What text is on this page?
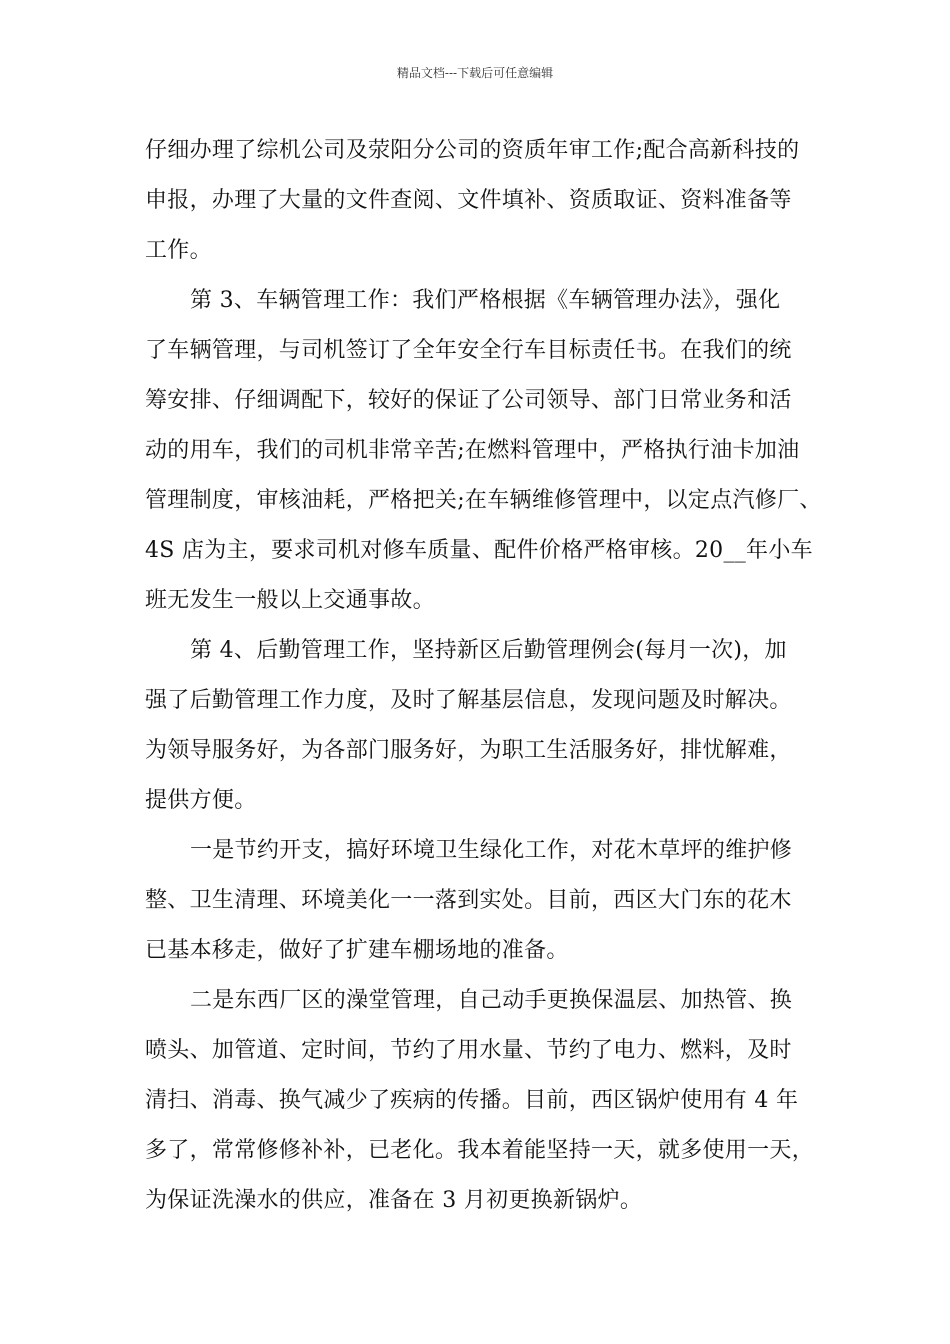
精品文档---下载后可任意编辑
仔细办理了综机公司及荥阳分公司的资质年审工作;配合高新科技的
申报，办理了大量的文件查阅、文件填补、资质取证、资料准备等
工作。
第 3、车辆管理工作：我们严格根据《车辆管理办法》，强化
了车辆管理，与司机签订了全年安全行车目标责任书。在我们的统
筹安排、仔细调配下，较好的保证了公司领导、部门日常业务和活
动的用车，我们的司机非常辛苦;在燃料管理中，严格执行油卡加油
管理制度，审核油耗，严格把关;在车辆维修管理中，以定点汽修厂、
4S 店为主，要求司机对修车质量、配件价格严格审核。20__年小车
班无发生一般以上交通事故。
第 4、后勤管理工作，坚持新区后勤管理例会(每月一次)，加
强了后勤管理工作力度，及时了解基层信息，发现问题及时解决。
为领导服务好，为各部门服务好，为职工生活服务好，排忧解难，
提供方便。
一是节约开支，搞好环境卫生绿化工作，对花木草坪的维护修
整、卫生清理、环境美化一一落到实处。目前，西区大门东的花木
已基本移走，做好了扩建车棚场地的准备。
二是东西厂区的澡堂管理，自己动手更换保温层、加热管、换
喷头、加管道、定时间，节约了用水量、节约了电力、燃料，及时
清扫、消毒、换气减少了疾病的传播。目前，西区锅炉使用有 4 年
多了，常常修修补补，已老化。我本着能坚持一天，就多使用一天，
为保证洗澡水的供应，准备在 3 月初更换新锅炉。
